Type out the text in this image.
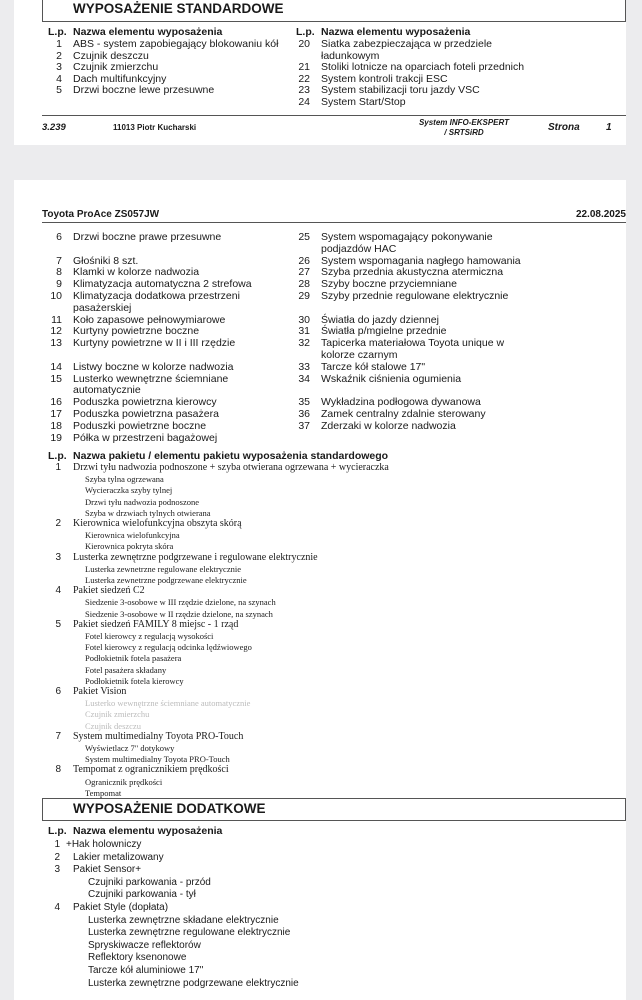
WYPOSAŻENIE STANDARDOWE
L.p. Nazwa elementu wyposażenia	L.p. Nazwa elementu wyposażenia
1 ABS - system zapobiegający blokowaniu kół
2 Czujnik deszczu
3 Czujnik zmierzchu
4 Dach multifunkcyjny
5 Drzwi boczne lewe przesuwne
20 Siatka zabezpieczająca w przedziele
ładunkowym
21 Stoliki lotnicze na oparciach foteli przednich
22 System kontroli trakcji ESC
23 System stabilizacji toru jazdy VSC
24 System Start/Stop
3.239	11013 Piotr Kucharski
System INFO-EKSPERT
/ SRTSiRD	Strona	1
Toyota ProAce ZS057JW	22.08.2025
6 Drzwi boczne prawe przesuwne
7 Głośniki 8 szt.
8 Klamki w kolorze nadwozia
9 Klimatyzacja automatyczna 2 strefowa
10 Klimatyzacja dodatkowa przestrzeni
pasażerskiej
11 Koło zapasowe pełnowymiarowe
12 Kurtyny powietrzne boczne
13 Kurtyny powietrzne w II i III rzędzie
14 Listwy boczne w kolorze nadwozia
15 Lusterko wewnętrzne ściemniane
automatycznie
16 Poduszka powietrzna kierowcy
17 Poduszka powietrzna pasażera
18 Poduszki powietrzne boczne
19 Półka w przestrzeni bagażowej
25 System wspomagający pokonywanie
podjazdów HAC
26 System wspomagania nagłego hamowania
27 Szyba przednia akustyczna atermiczna
28 Szyby boczne przyciemniane
29 Szyby przednie regulowane elektrycznie
30 Światła do jazdy dziennej
31 Światła p/mgielne przednie
32 Tapicerka materiałowa Toyota unique w
kolorze czarnym
33 Tarcze kół stalowe 17"
34 Wskaźnik ciśnienia ogumienia
35 Wykładzina podłogowa dywanowa
36 Zamek centralny zdalnie sterowany
37 Zderzaki w kolorze nadwozia
L.p. Nazwa pakietu / elementu pakietu wyposażenia standardowego
1 Drzwi tyłu nadwozia podnoszone + szyba otwierana ogrzewana + wycieraczka
Szyba tylna ogrzewana
Wycieraczka szyby tylnej
Drzwi tyłu nadwozia podnoszone
Szyba w drzwiach tylnych otwierana
2 Kierownica wielofunkcyjna obszyta skórą
Kierownica wielofunkcyjna
Kierownica pokryta skóra
3 Lusterka zewnętrzne podgrzewane i regulowane elektrycznie
Lusterka zewnetrzne regulowane elektrycznie
Lusterka zewnetrzne podgrzewane elektrycznie
4 Pakiet siedzeń C2
Siedzenie 3-osobowe w III rzędzie dzielone, na szynach
Siedzenie 3-osobowe w II rzędzie dzielone, na szynach
5 Pakiet siedzeń FAMILY 8 miejsc - 1 rząd
Fotel kierowcy z regulacją wysokości
Fotel kierowcy z regulacją odcinka lędźwiowego
Podłokietnik fotela pasażera
Fotel pasażera składany
Podłokietnik fotela kierowcy
6 Pakiet Vision
Lusterko wewnętrzne ściemniane automatycznie
Czujnik zmierzchu
Czujnik deszczu
7 System multimedialny Toyota PRO-Touch
Wyświetlacz 7" dotykowy
System multimedialny Toyota PRO-Touch
8 Tempomat z ogranicznikiem prędkości
Ogranicznik prędkości
Tempomat
WYPOSAŻENIE DODATKOWE
L.p. Nazwa elementu wyposażenia
1 +Hak holowniczy
2 Lakier metalizowany
3 Pakiet Sensor+
Czujniki parkowania - przód
Czujniki parkowania - tył
4 Pakiet Style (dopłata)
Lusterka zewnętrzne składane elektrycznie
Lusterka zewnętrzne regulowane elektrycznie
Spryskiwacze reflektorów
Reflektory ksenonowe
Tarcze kół aluminiowe 17"
Lusterka zewnętrzne podgrzewane elektrycznie
